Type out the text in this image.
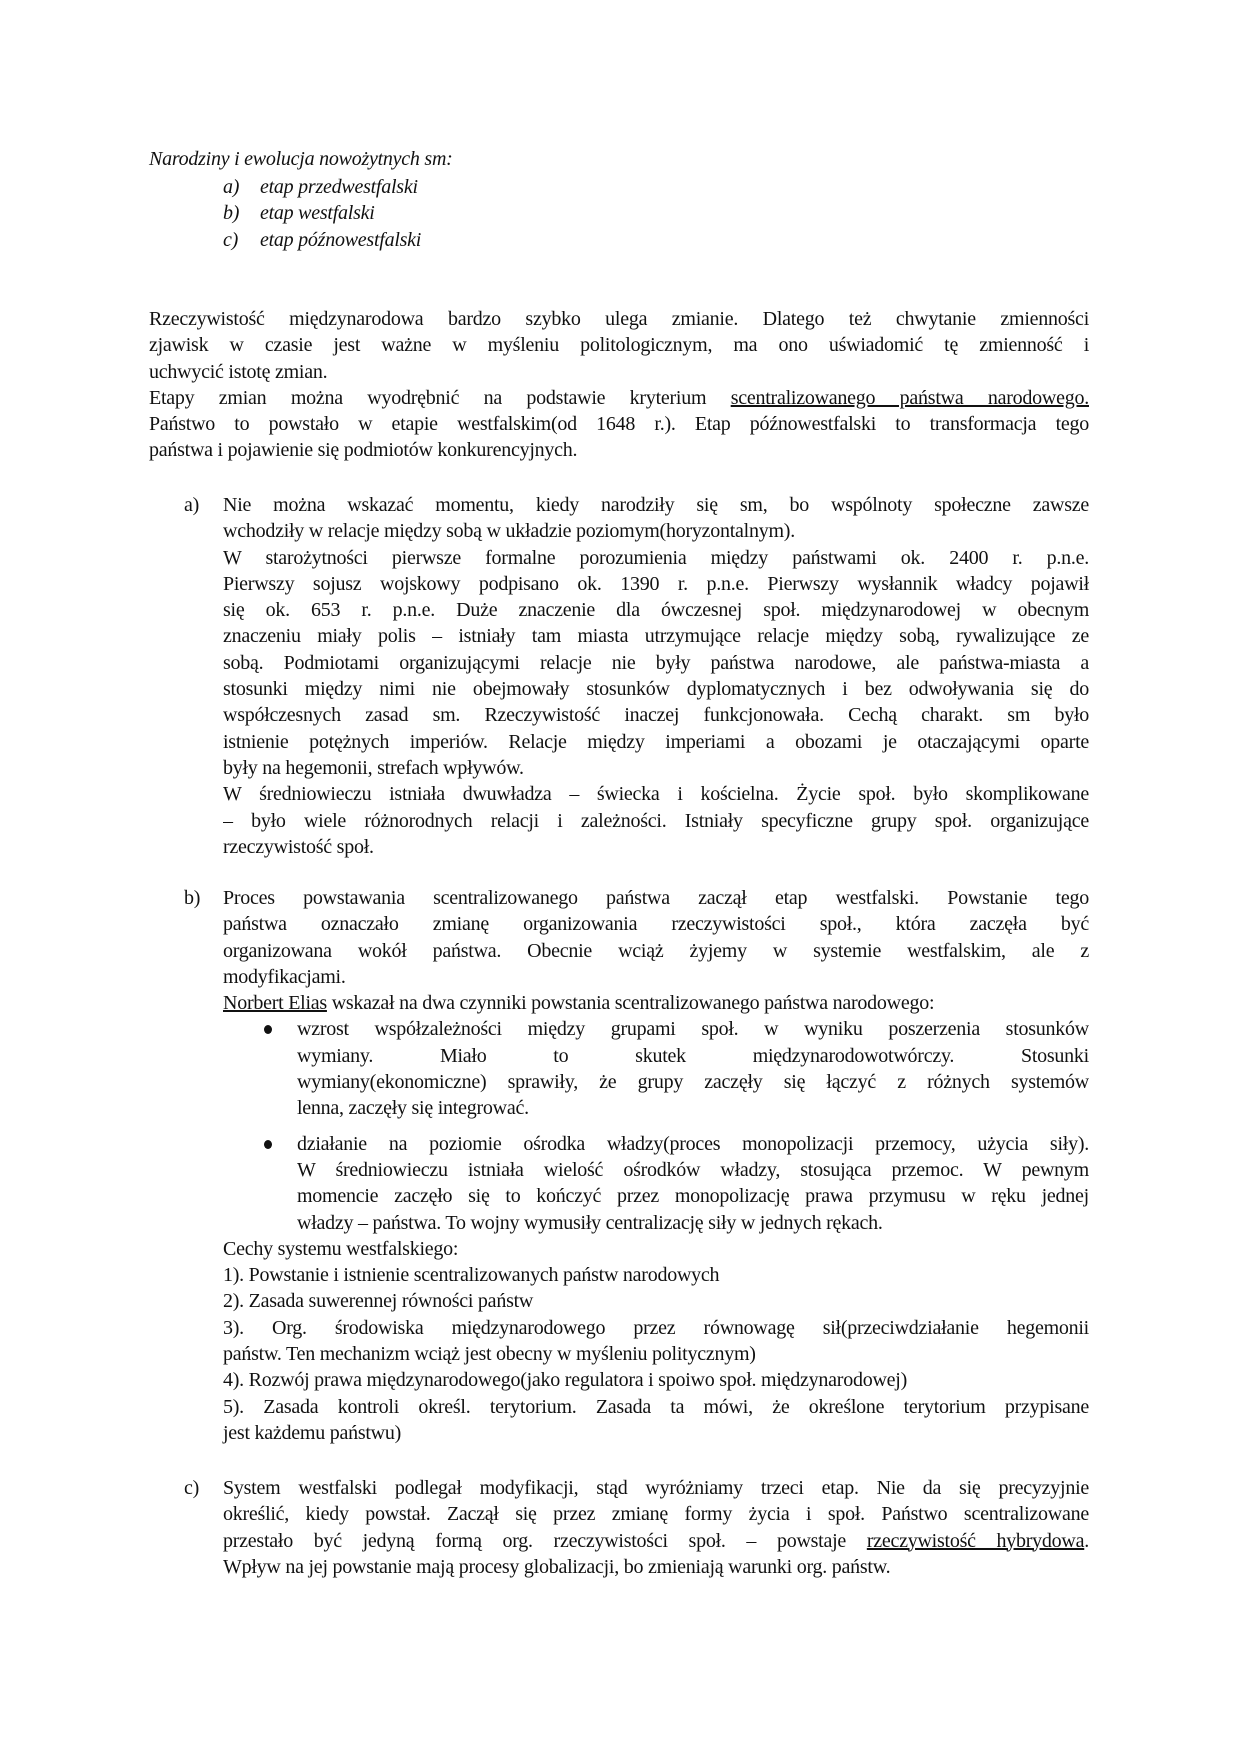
Narodziny i ewolucja nowożytnych sm:
a) etap przedwestfalski
b) etap westfalski
c) etap późnowestfalski
Rzeczywistość międzynarodowa bardzo szybko ulega zmianie. Dlatego też chwytanie zmienności
zjawisk w czasie jest ważne w myśleniu politologicznym, ma ono uświadomić tę zmienność i
uchwycić istotę zmian.
Etapy zmian można wyodrębnić na podstawie kryterium scentralizowanego państwa narodowego.
Państwo to powstało w etapie westfalskim(od 1648 r.). Etap późnowestfalski to transformacja tego
państwa i pojawienie się podmiotów konkurencyjnych.
a) Nie można wskazać momentu, kiedy narodziły się sm, bo wspólnoty społeczne zawsze
wchodziły w relacje między sobą w układzie poziomym(horyzontalnym).
W starożytności pierwsze formalne porozumienia między państwami ok. 2400 r. p.n.e.
Pierwszy sojusz wojskowy podpisano ok. 1390 r. p.n.e. Pierwszy wysłannik władcy pojawił
się ok. 653 r. p.n.e. Duże znaczenie dla ówczesnej społ. międzynarodowej w obecnym
znaczeniu miały polis – istniały tam miasta utrzymujące relacje między sobą, rywalizujące ze
sobą. Podmiotami organizującymi relacje nie były państwa narodowe, ale państwa-miasta a
stosunki między nimi nie obejmowały stosunków dyplomatycznych i bez odwoływania się do
współczesnych zasad sm. Rzeczywistość inaczej funkcjonowała. Cechą charakt. sm było
istnienie potężnych imperiów. Relacje między imperiami a obozami je otaczającymi oparte
były na hegemonii, strefach wpływów.
W średniowieczu istniała dwuwładza – świecka i kościelna. Życie społ. było skomplikowane
– było wiele różnorodnych relacji i zależności. Istniały specyficzne grupy społ. organizujące
rzeczywistość społ.
b) Proces powstawania scentralizowanego państwa zaczął etap westfalski. Powstanie tego
państwa oznaczało zmianę organizowania rzeczywistości społ., która zaczęła być
organizowana wokół państwa. Obecnie wciąż żyjemy w systemie westfalskim, ale z
modyfikacjami.
Norbert Elias wskazał na dwa czynniki powstania scentralizowanego państwa narodowego:
wzrost współzależności między grupami społ. w wyniku poszerzenia stosunków
wymiany. Miało to skutek międzynarodowotwórczy. Stosunki
wymiany(ekonomiczne) sprawiły, że grupy zaczęły się łączyć z różnych systemów
lenna, zaczęły się integrować.
działanie na poziomie ośrodka władzy(proces monopolizacji przemocy, użycia siły).
W średniowieczu istniała wielość ośrodków władzy, stosująca przemoc. W pewnym
momencie zaczęło się to kończyć przez monopolizację prawa przymusu w ręku jednej
władzy – państwa. To wojny wymusiły centralizację siły w jednych rękach.
Cechy systemu westfalskiego:
1). Powstanie i istnienie scentralizowanych państw narodowych
2). Zasada suwerennej równości państw
3). Org. środowiska międzynarodowego przez równowagę sił(przeciwdziałanie hegemonii
państw. Ten mechanizm wciąż jest obecny w myśleniu politycznym)
4). Rozwój prawa międzynarodowego(jako regulatora i spoiwo społ. międzynarodowej)
5). Zasada kontroli określ. terytorium. Zasada ta mówi, że określone terytorium przypisane
jest każdemu państwu)
c) System westfalski podlegał modyfikacji, stąd wyróżniamy trzeci etap. Nie da się precyzyjnie
określić, kiedy powstał. Zaczął się przez zmianę formy życia i społ. Państwo scentralizowane
przestało być jedyną formą org. rzeczywistości społ. – powstaje rzeczywistość hybrydowa.
Wpływ na jej powstanie mają procesy globalizacji, bo zmieniają warunki org. państw.
